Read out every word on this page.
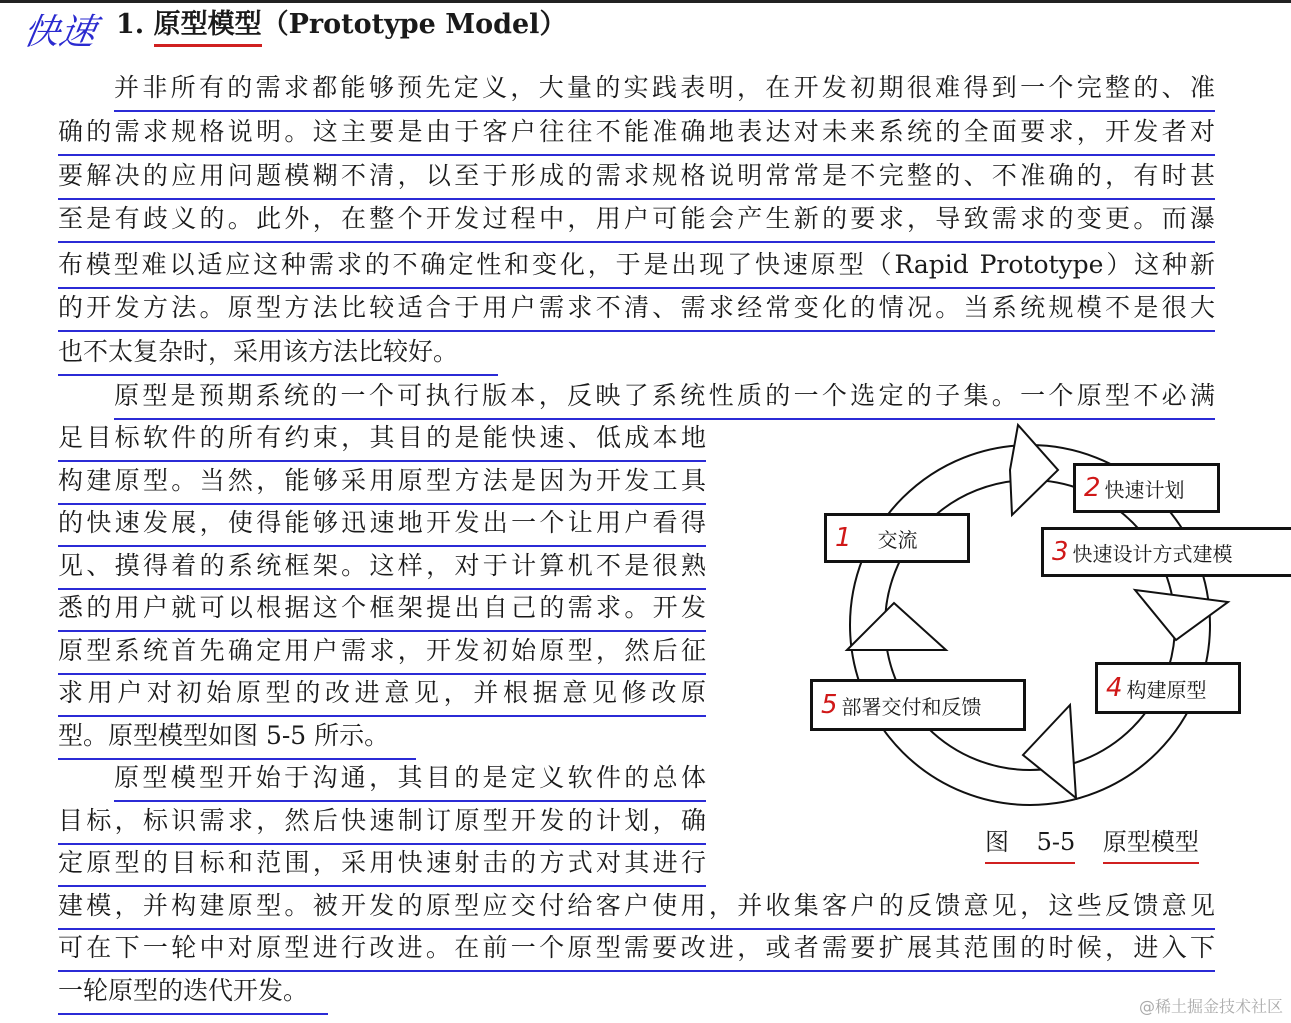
快速 1. 原型模型（Prototype Model）
并非所有的需求都能够预先定义，大量的实践表明，在开发初期很难得到一个完整的、准
确的需求规格说明。这主要是由于客户往往不能准确地表达对未来系统的全面要求，开发者对
要解决的应用问题模糊不清，以至于形成的需求规格说明常常是不完整的、不准确的，有时甚
至是有歧义的。此外，在整个开发过程中，用户可能会产生新的要求，导致需求的变更。而瀑
布模型难以适应这种需求的不确定性和变化，于是出现了快速原型（Rapid Prototype）这种新
的开发方法。原型方法比较适合于用户需求不清、需求经常变化的情况。当系统规模不是很大
也不太复杂时，采用该方法比较好。
原型是预期系统的一个可执行版本，反映了系统性质的一个选定的子集。一个原型不必满
足目标软件的所有约束，其目的是能快速、低成本地
构建原型。当然，能够采用原型方法是因为开发工具
的快速发展，使得能够迅速地开发出一个让用户看得
见、摸得着的系统框架。这样，对于计算机不是很熟
悉的用户就可以根据这个框架提出自己的需求。开发
原型系统首先确定用户需求，开发初始原型，然后征
求用户对初始原型的改进意见，并根据意见修改原
型。原型模型如图 5-5 所示。
原型模型开始于沟通，其目的是定义软件的总体
目标，标识需求，然后快速制订原型开发的计划，确
定原型的目标和范围，采用快速射击的方式对其进行
建模，并构建原型。被开发的原型应交付给客户使用，并收集客户的反馈意见，这些反馈意见
可在下一轮中对原型进行改进。在前一个原型需要改进，或者需要扩展其范围的时候，进入下
一轮原型的迭代开发。
1 交流
2 快速计划
3 快速设计方式建模
4 构建原型
5 部署交付和反馈
图 5-5 原型模型
@稀土掘金技术社区
